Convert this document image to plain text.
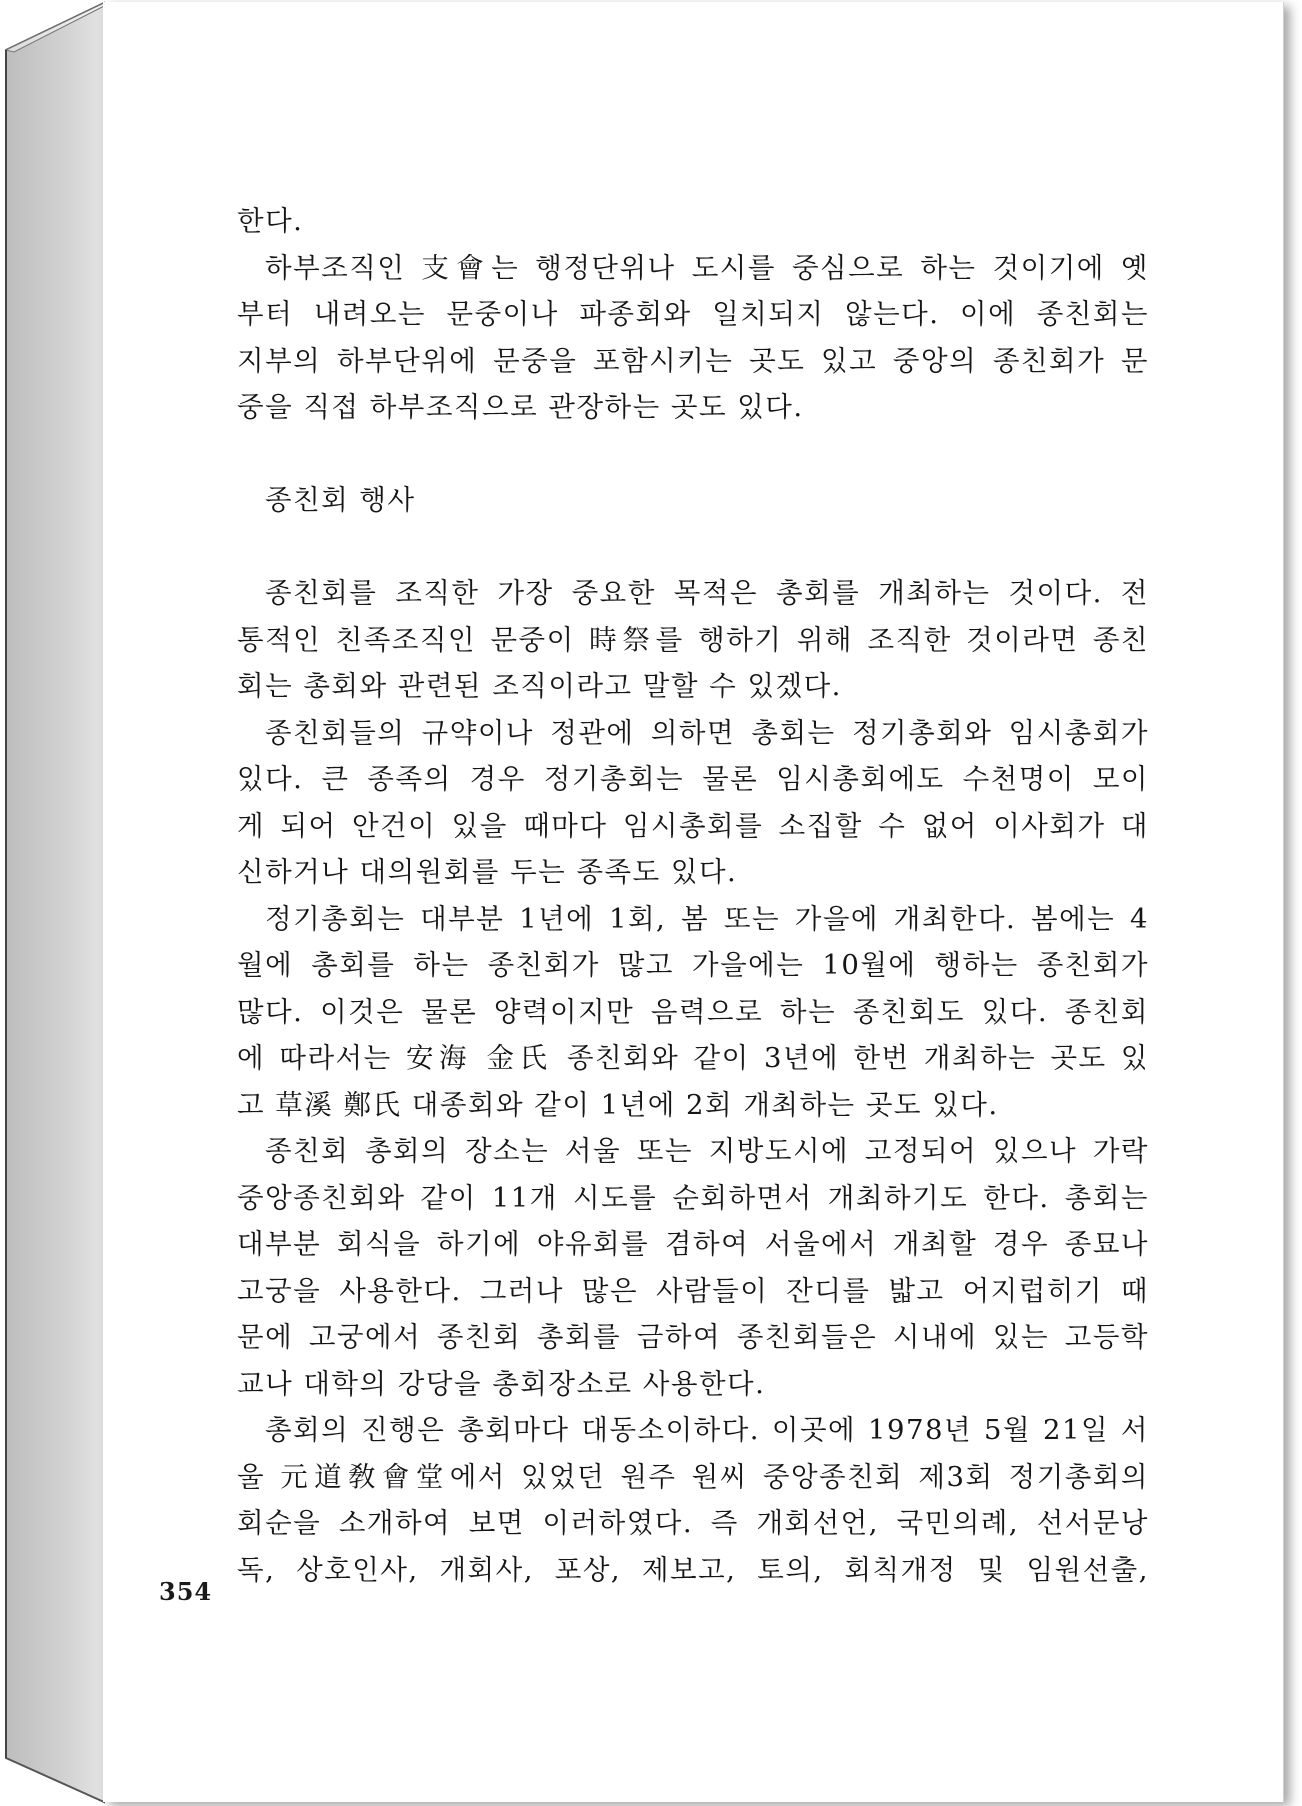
한다.
하부조직인 支會는 행정단위나 도시를 중심으로 하는 것이기에 옛
부터 내려오는 문중이나 파종회와 일치되지 않는다. 이에 종친회는
지부의 하부단위에 문중을 포함시키는 곳도 있고 중앙의 종친회가 문
중을 직접 하부조직으로 관장하는 곳도 있다.
종친회 행사
종친회를 조직한 가장 중요한 목적은 총회를 개최하는 것이다. 전
통적인 친족조직인 문중이 時祭를 행하기 위해 조직한 것이라면 종친
회는 총회와 관련된 조직이라고 말할 수 있겠다.
종친회들의 규약이나 정관에 의하면 총회는 정기총회와 임시총회가
있다. 큰 종족의 경우 정기총회는 물론 임시총회에도 수천명이 모이
게 되어 안건이 있을 때마다 임시총회를 소집할 수 없어 이사회가 대
신하거나 대의원회를 두는 종족도 있다.
정기총회는 대부분 1년에 1회, 봄 또는 가을에 개최한다. 봄에는 4
월에 총회를 하는 종친회가 많고 가을에는 10월에 행하는 종친회가
많다. 이것은 물론 양력이지만 음력으로 하는 종친회도 있다. 종친회
에 따라서는 安海 金氏 종친회와 같이 3년에 한번 개최하는 곳도 있
고 草溪 鄭氏 대종회와 같이 1년에 2회 개최하는 곳도 있다.
종친회 총회의 장소는 서울 또는 지방도시에 고정되어 있으나 가락
중앙종친회와 같이 11개 시도를 순회하면서 개최하기도 한다. 총회는
대부분 회식을 하기에 야유회를 겸하여 서울에서 개최할 경우 종묘나
고궁을 사용한다. 그러나 많은 사람들이 잔디를 밟고 어지럽히기 때
문에 고궁에서 종친회 총회를 금하여 종친회들은 시내에 있는 고등학
교나 대학의 강당을 총회장소로 사용한다.
총회의 진행은 총회마다 대동소이하다. 이곳에 1978년 5월 21일 서
울 元道敎會堂에서 있었던 원주 원씨 중앙종친회 제3회 정기총회의
회순을 소개하여 보면 이러하였다. 즉 개회선언, 국민의례, 선서문낭
독, 상호인사, 개회사, 포상, 제보고, 토의, 회칙개정 및 임원선출,
354
